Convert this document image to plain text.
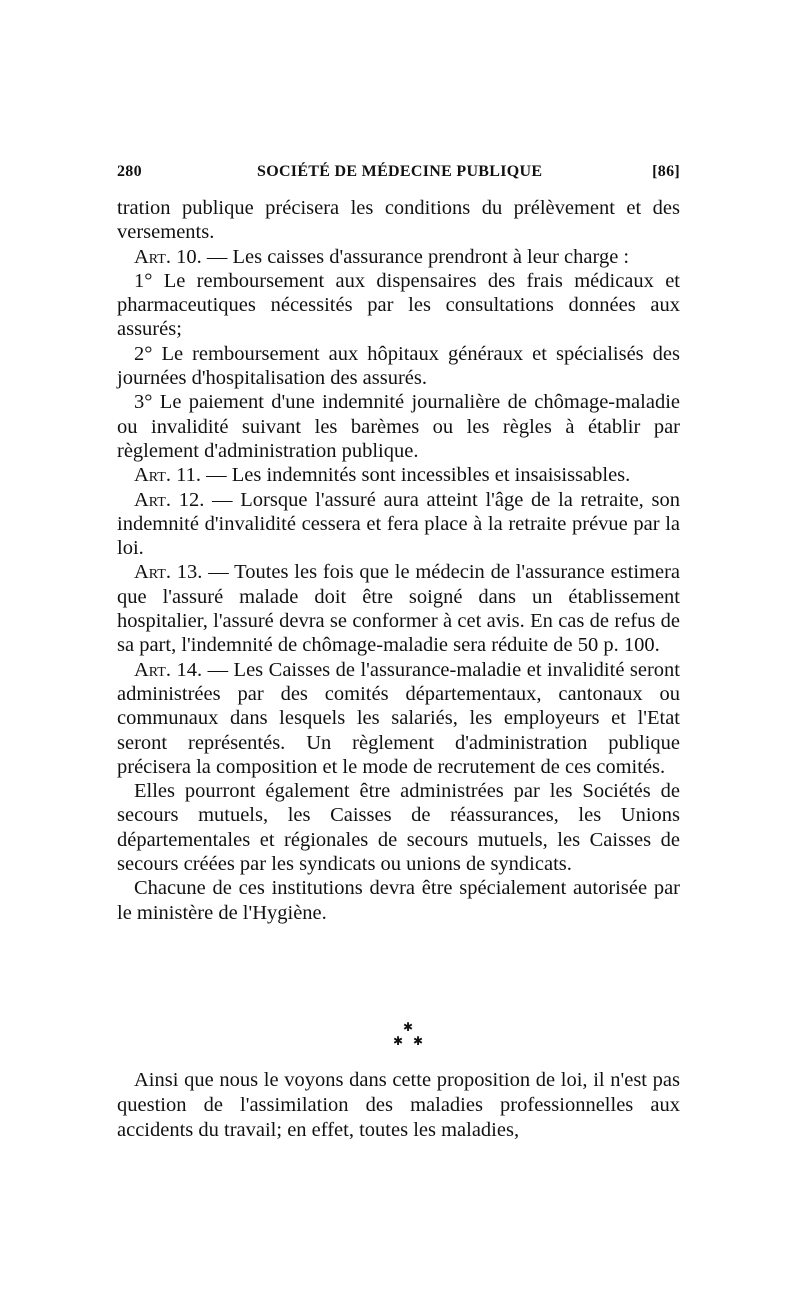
280	SOCIÉTÉ DE MÉDECINE PUBLIQUE	[86]

tration publique précisera les conditions du prélèvement et des versements.

Art. 10. — Les caisses d'assurance prendront à leur charge :

1° Le remboursement aux dispensaires des frais médicaux et pharmaceutiques nécessités par les consultations données aux assurés;

2° Le remboursement aux hôpitaux généraux et spécialisés des journées d'hospitalisation des assurés.

3° Le paiement d'une indemnité journalière de chômage-maladie ou invalidité suivant les barèmes ou les règles à établir par règlement d'administration publique.

Art. 11. — Les indemnités sont incessibles et insaisissables.

Art. 12. — Lorsque l'assuré aura atteint l'âge de la retraite, son indemnité d'invalidité cessera et fera place à la retraite prévue par la loi.

Art. 13. — Toutes les fois que le médecin de l'assurance estimera que l'assuré malade doit être soigné dans un établissement hospitalier, l'assuré devra se conformer à cet avis. En cas de refus de sa part, l'indemnité de chômage-maladie sera réduite de 50 p. 100.

Art. 14. — Les Caisses de l'assurance-maladie et invalidité seront administrées par des comités départementaux, cantonaux ou communaux dans lesquels les salariés, les employeurs et l'Etat seront représentés. Un règlement d'administration publique précisera la composition et le mode de recrutement de ces comités.

Elles pourront également être administrées par les Sociétés de secours mutuels, les Caisses de réassurances, les Unions départementales et régionales de secours mutuels, les Caisses de secours créées par les syndicats ou unions de syndicats.

Chacune de ces institutions devra être spécialement autorisée par le ministère de l'Hygiène.

✱
✱ ✱

Ainsi que nous le voyons dans cette proposition de loi, il n'est pas question de l'assimilation des maladies professionnelles aux accidents du travail; en effet, toutes les maladies,
